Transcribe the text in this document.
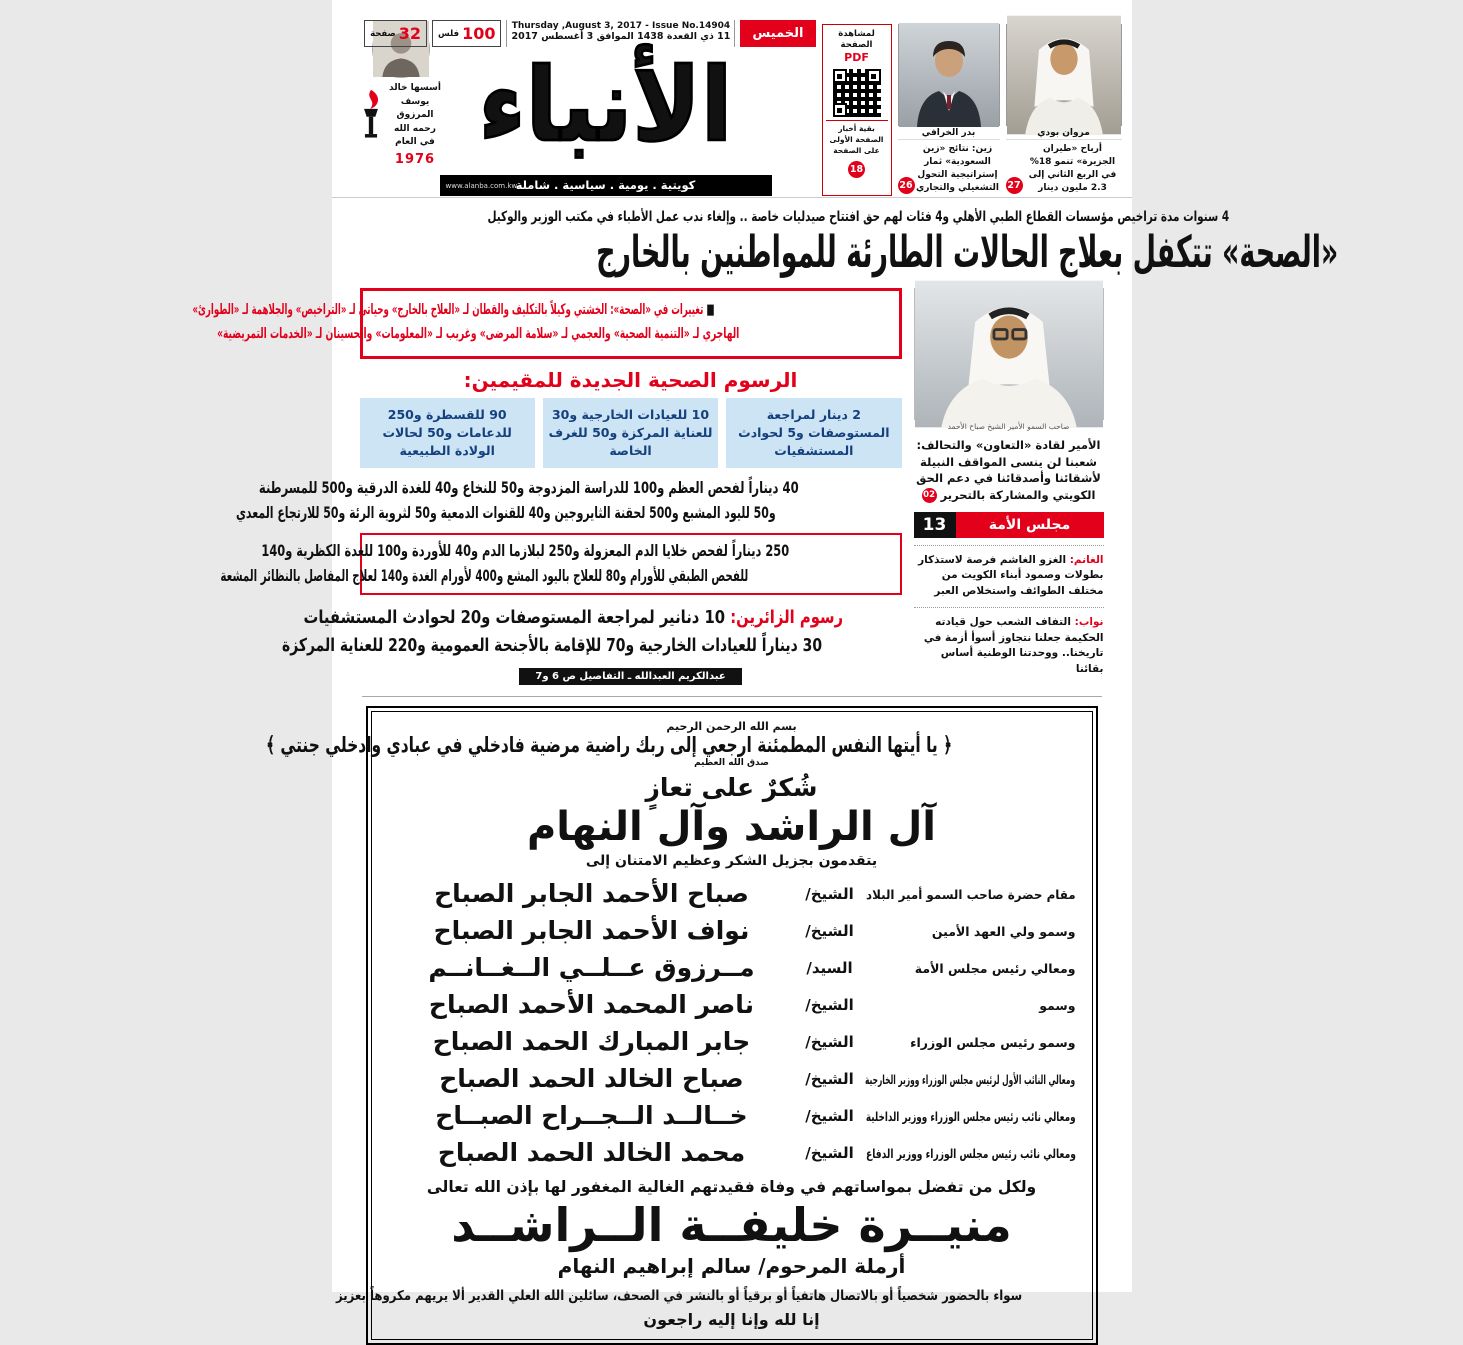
أسسها خالد يوسف المرزوق رحمه الله في العام
1976
الخميس
Thursday ,August 3, 2017 - Issue No.14904
11 ذي القعدة 1438 الموافق 3 أغسطس 2017
100
فلس
32
صفحة
الأنباء
www.alanba.com.kw
كويتية . يومية . سياسية . شاملة
لمشاهدة الصفحة
PDF
بقية أخبار الصفحة الأولى على الصفحة
18
بدر الخرافي
زين: نتائج «زين السعودية» ثمار إستراتيجية التحول التشغيلي والتجاري
26
مروان بودي
أرباح «طيران الجزيرة» تنمو 18% في الربع الثاني إلى 2.3 مليون دينار
27
4 سنوات مدة تراخيص مؤسسات القطاع الطبي الأهلي و4 فئات لهم حق افتتاح صيدليات خاصة .. وإلغاء ندب عمل الأطباء في مكتب الوزير والوكيل
«الصحة» تتكفل بعلاج الحالات الطارئة للمواطنين بالخارج
صاحب السمو الأمير الشيخ صباح الأحمد

الأمير لقادة «التعاون» والتحالف: شعبنا لن ينسى المواقف النبيلة لأشقائنا وأصدقائنا في دعم الحق الكويتي والمشاركة بالتحرير 02

مجلس الأمة
13

الغانم: الغزو الغاشم فرصة لاستذكار بطولات وصمود أبناء الكويت من مختلف الطوائف واستخلاص العبر

نواب: التفاف الشعب حول قيادته الحكيمة جعلنا نتجاوز أسوأ أزمة في تاريخنا.. ووحدتنا الوطنية أساس بقائنا

■ تغييرات في «الصحة»: الخشتي وكيلاً بالتكليف والقطان لـ «العلاج بالخارج» وحياتي لـ «التراخيص» والجلاهمة لـ «الطوارئ»
الهاجري لـ «التنمية الصحية» والعجمي لـ «سلامة المرضى» وغريب لـ «المعلومات» والحسينان لـ «الخدمات التمريضية»
الرسوم الصحية الجديدة للمقيمين:
2 دينار لمراجعة المستوصفات و5 لحوادث المستشفيات
10 للعيادات الخارجية و30 للعناية المركزة و50 للغرف الخاصة
90 للقسطرة و250 للدعامات و50 لحالات الولادة الطبيعية
40 ديناراً لفحص العظم و100 للدراسة المزدوجة و50 للنخاع و40 للغدة الدرقية و500 للمسرطنة
و50 لليود المشبع و500 لحقنة الثايروجين و40 للقنوات الدمعية و50 لثروية الرئة و50 للارتجاع المعدي
250 ديناراً لفحص خلايا الدم المعزولة و250 لبلازما الدم و40 للأوردة و100 للغدة الكظرية و140
للفحص الطبقي للأورام و80 للعلاج باليود المشع و400 لأورام الغدة و140 لعلاج المفاصل بالنظائر المشعة
رسوم الزائرين: 10 دنانير لمراجعة المستوصفات و20 لحوادث المستشفيات
30 ديناراً للعيادات الخارجية و70 للإقامة بالأجنحة العمومية و220 للعناية المركزة
عبدالكريم العبدالله ـ التفاصيل ص 6 و7
بسم الله الرحمن الرحيم
﴿ يا أيتها النفس المطمئنة ارجعي إلى ربك راضية مرضية فادخلي في عبادي وادخلي جنتي ﴾
صدق الله العظيم
شُكرٌ على تعازٍ
آل الراشد وآل النهام
يتقدمون بجزيل الشكر وعظيم الامتنان إلى
مقام حضرة صاحب السمو أمير البلاد
الشيخ/
صباح الأحمد الجابر الصباح
وسمو ولي العهد الأمين
الشيخ/
نواف الأحمد الجابر الصباح
ومعالي رئيس مجلس الأمة
السيد/
مــرزوق عــلــي الــغــانــم
وسمو
الشيخ/
ناصر المحمد الأحمد الصباح
وسمو رئيس مجلس الوزراء
الشيخ/
جابر المبارك الحمد الصباح
ومعالي النائب الأول لرئيس مجلس الوزراء ووزير الخارجية
الشيخ/
صباح الخالد الحمد الصباح
ومعالي نائب رئيس مجلس الوزراء ووزير الداخلية
الشيخ/
خــالــد الــجــراح الصبــاح
ومعالي نائب رئيس مجلس الوزراء ووزير الدفاع
الشيخ/
محمد الخالد الحمد الصباح
ولكل من تفضل بمواساتهم في وفاة فقيدتهم الغالية المغفور لها بإذن الله تعالى
منيــرة خليفــة الــراشــد
أرملة المرحوم/ سالم إبراهيم النهام
سواء بالحضور شخصياً أو بالاتصال هاتفياً أو برقياً أو بالنشر في الصحف، سائلين الله العلي القدير ألا يريهم مكروهاً بعزيز
إنا لله وإنا إليه راجعون
